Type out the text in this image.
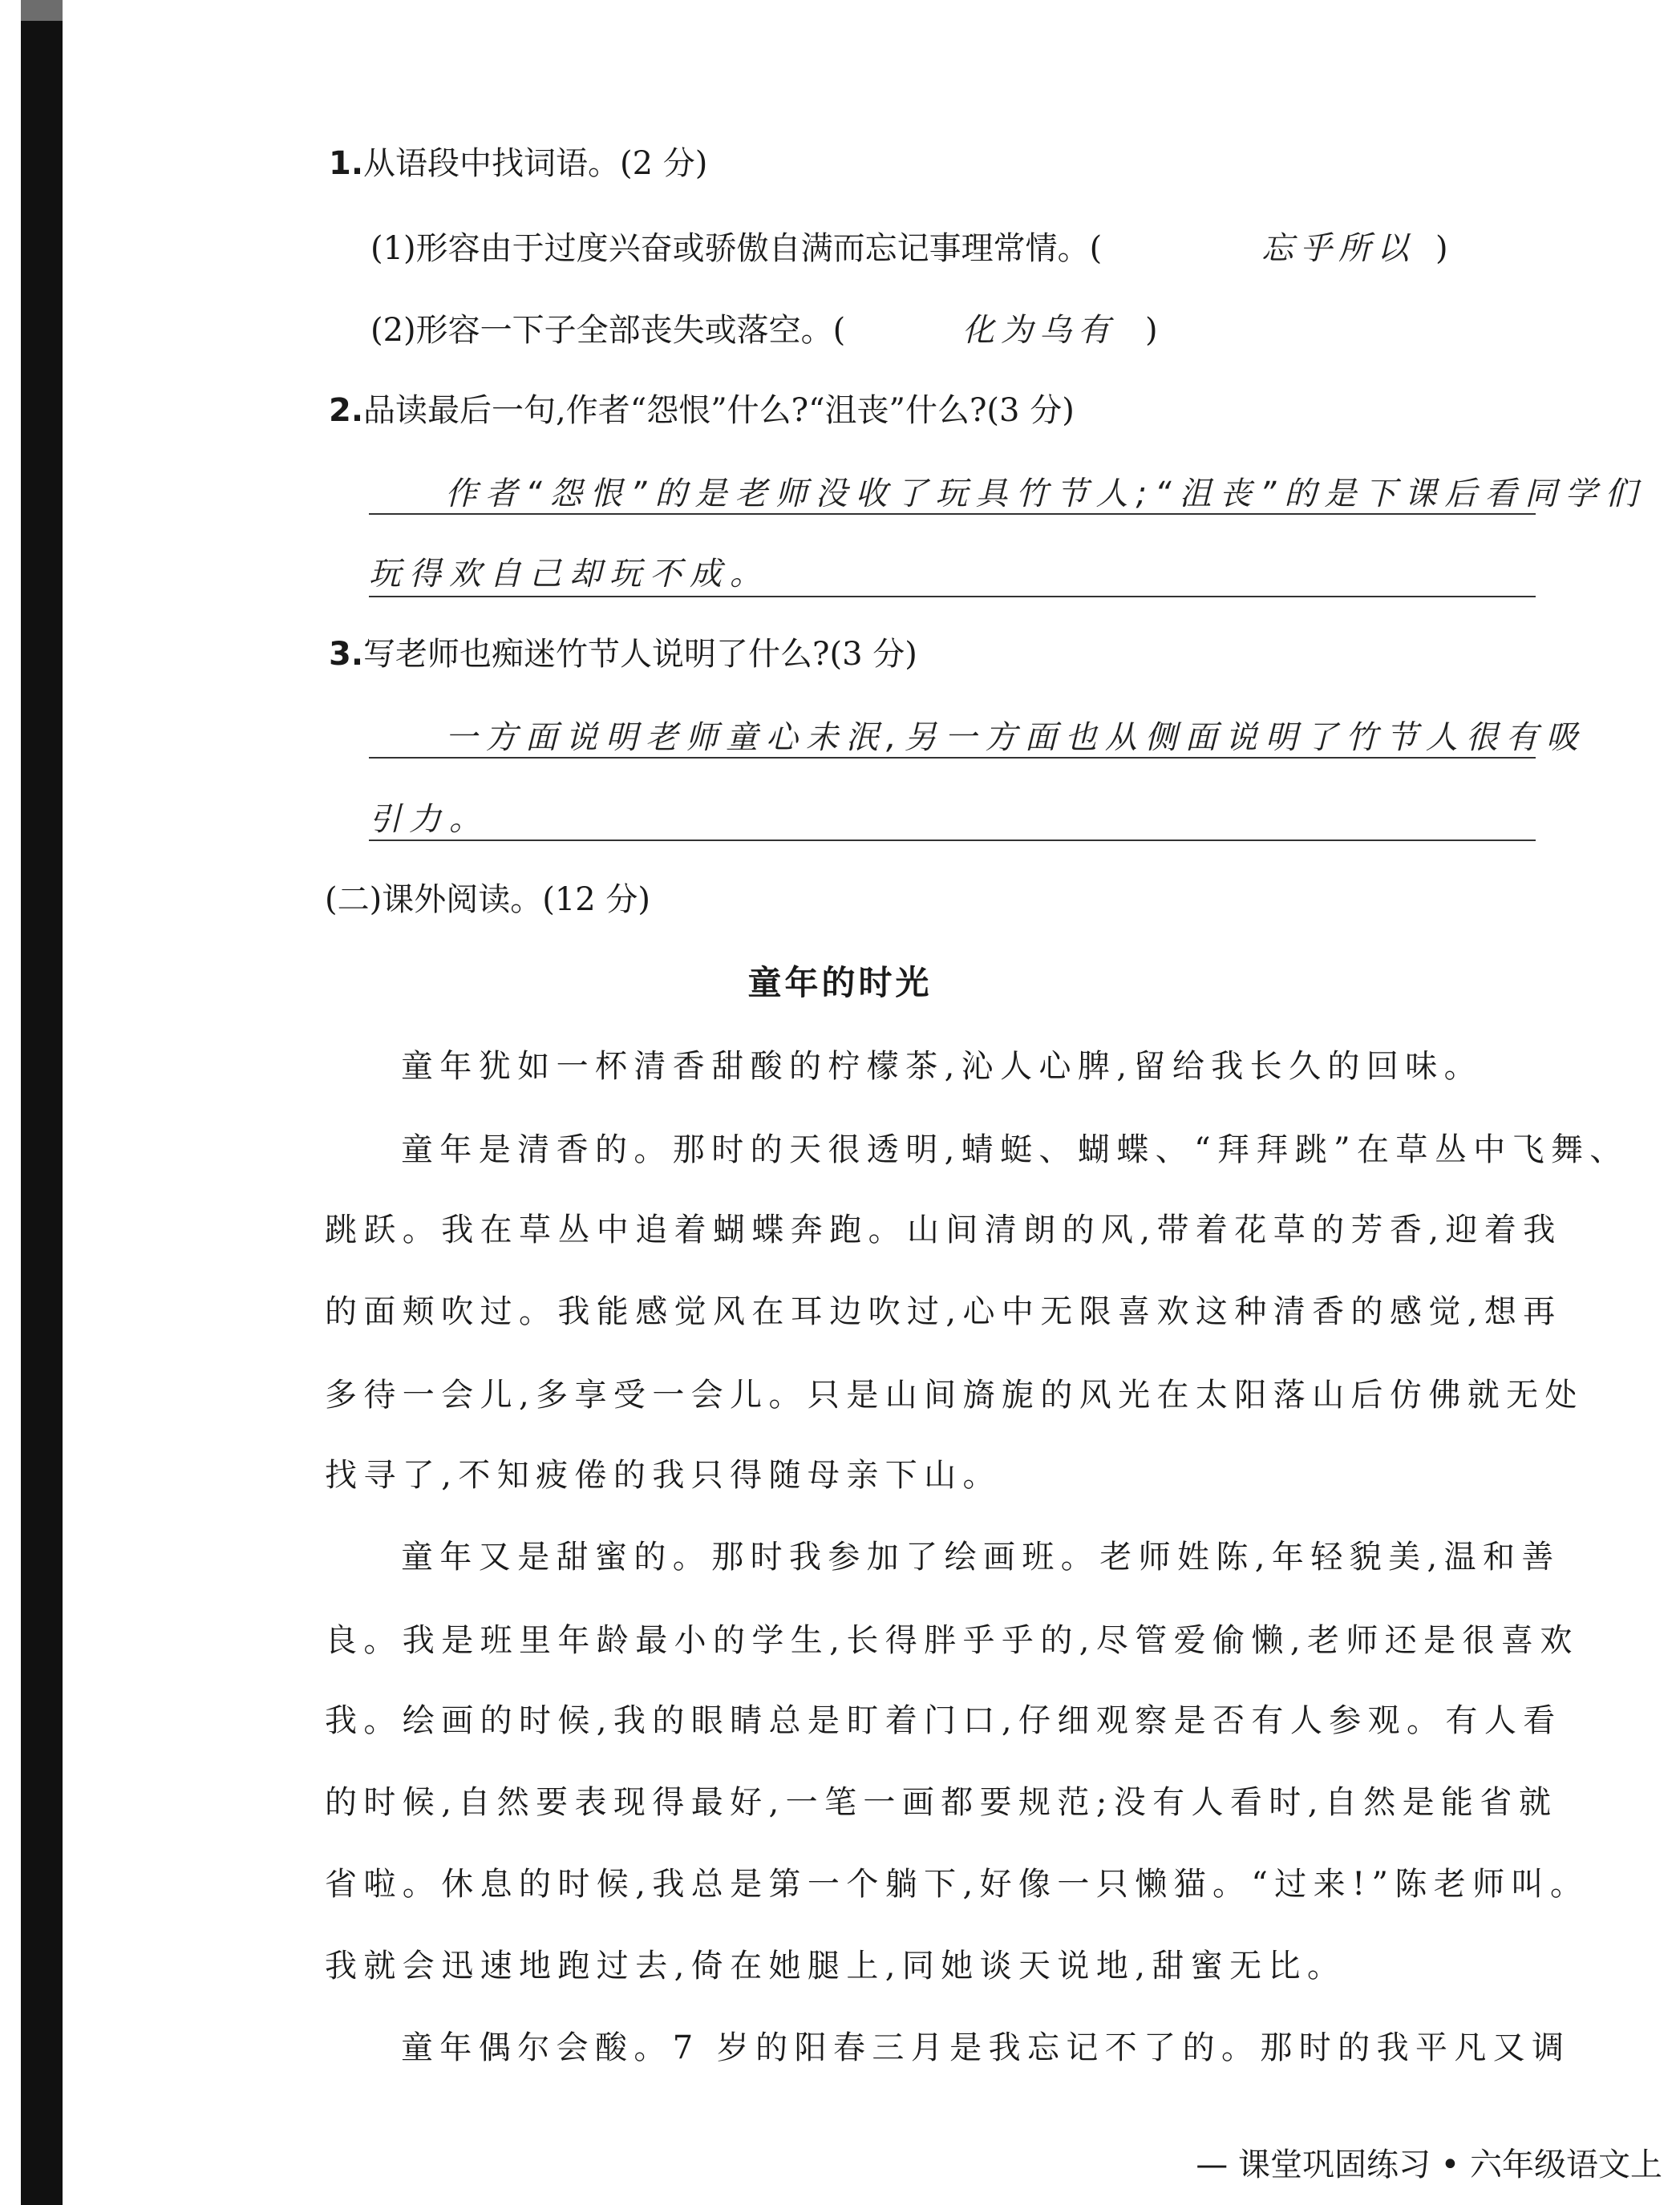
1.从语段中找词语。(2 分)
(1)形容由于过度兴奋或骄傲自满而忘记事理常情。(	忘乎所以 )
(2)形容一下子全部丧失或落空。(	化为乌有 )
2.品读最后一句,作者“怨恨”什么?“沮丧”什么?(3 分)
作者“怨恨”的是老师没收了玩具竹节人;“沮丧”的是下课后看同学们
玩得欢自己却玩不成。
3.写老师也痴迷竹节人说明了什么?(3 分)
一方面说明老师童心未泯,另一方面也从侧面说明了竹节人很有吸
引力。
(二)课外阅读。(12 分)
童年的时光
童年犹如一杯清香甜酸的柠檬茶,沁人心脾,留给我长久的回味。
童年是清香的。那时的天很透明,蜻蜓、蝴蝶、“拜拜跳”在草丛中飞舞、
跳跃。我在草丛中追着蝴蝶奔跑。山间清朗的风,带着花草的芳香,迎着我
的面颊吹过。我能感觉风在耳边吹过,心中无限喜欢这种清香的感觉,想再
多待一会儿,多享受一会儿。只是山间旖旎的风光在太阳落山后仿佛就无处
找寻了,不知疲倦的我只得随母亲下山。
童年又是甜蜜的。那时我参加了绘画班。老师姓陈,年轻貌美,温和善
良。我是班里年龄最小的学生,长得胖乎乎的,尽管爱偷懒,老师还是很喜欢
我。绘画的时候,我的眼睛总是盯着门口,仔细观察是否有人参观。有人看
的时候,自然要表现得最好,一笔一画都要规范;没有人看时,自然是能省就
省啦。休息的时候,我总是第一个躺下,好像一只懒猫。“过来!”陈老师叫。
我就会迅速地跑过去,倚在她腿上,同她谈天说地,甜蜜无比。
童年偶尔会酸。7 岁的阳春三月是我忘记不了的。那时的我平凡又调
— 课堂巩固练习 • 六年级语文上
